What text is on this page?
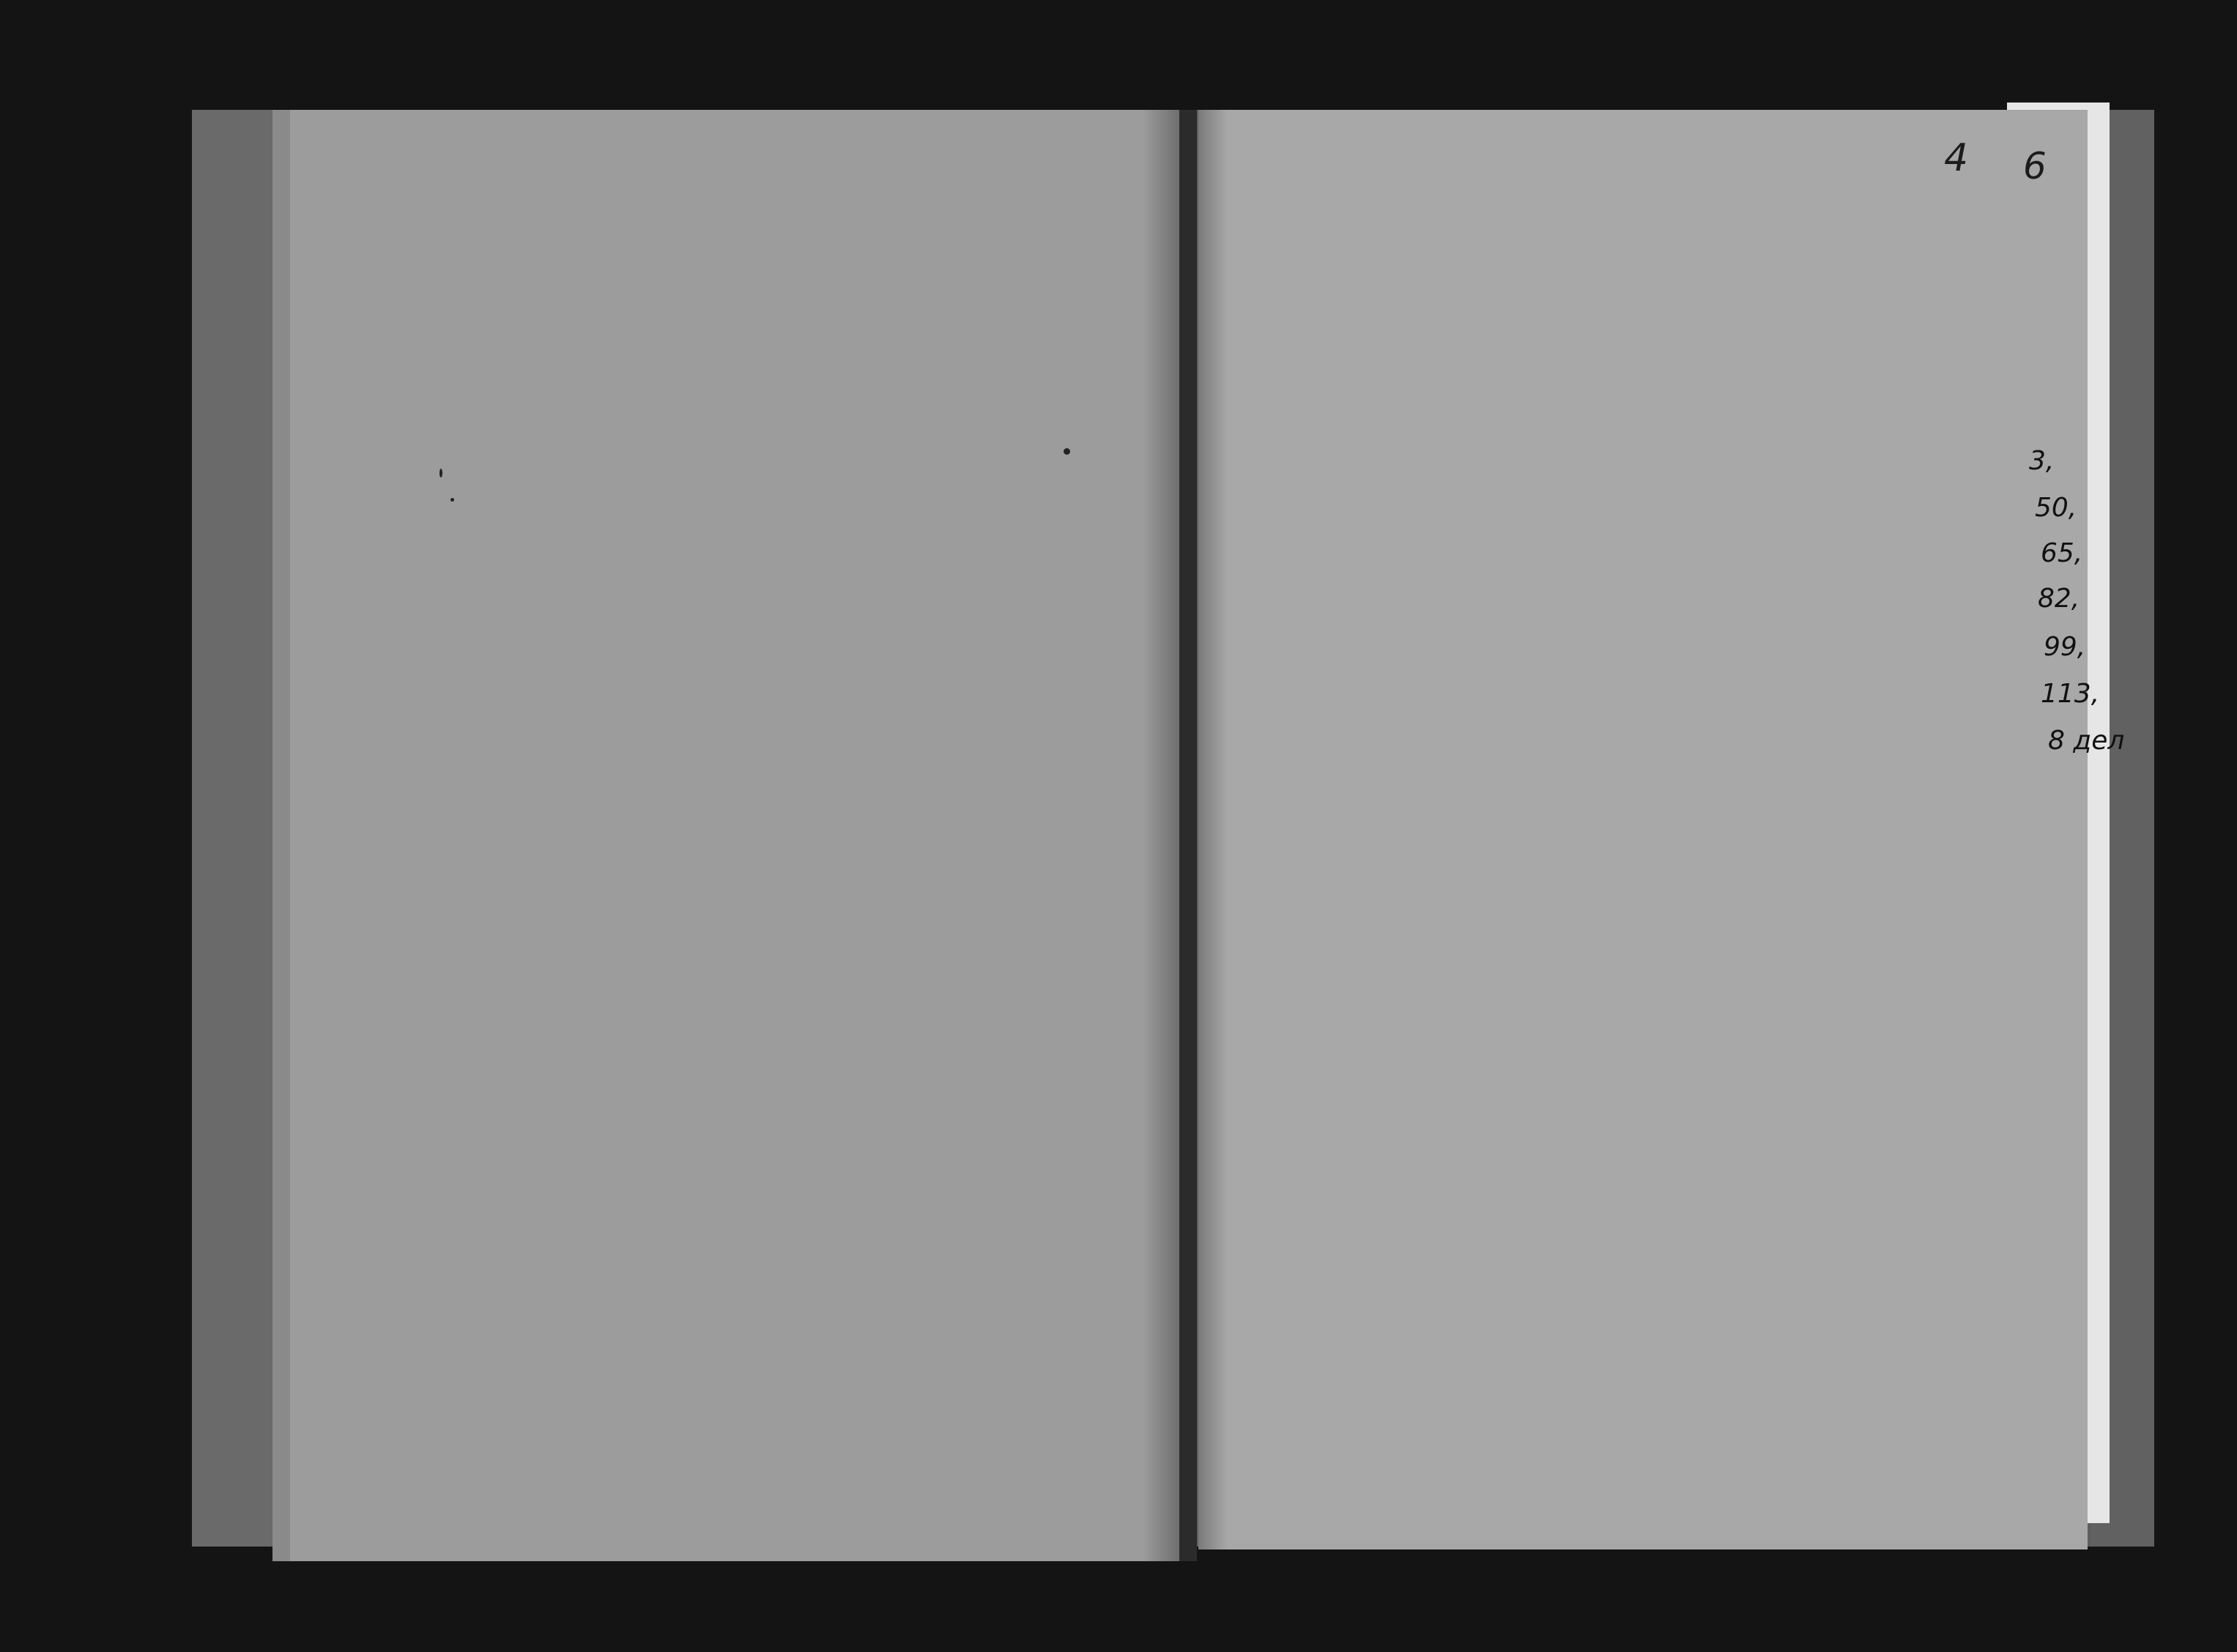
4 6
3,
50,
65,
82,
99,
113,
8 дел
